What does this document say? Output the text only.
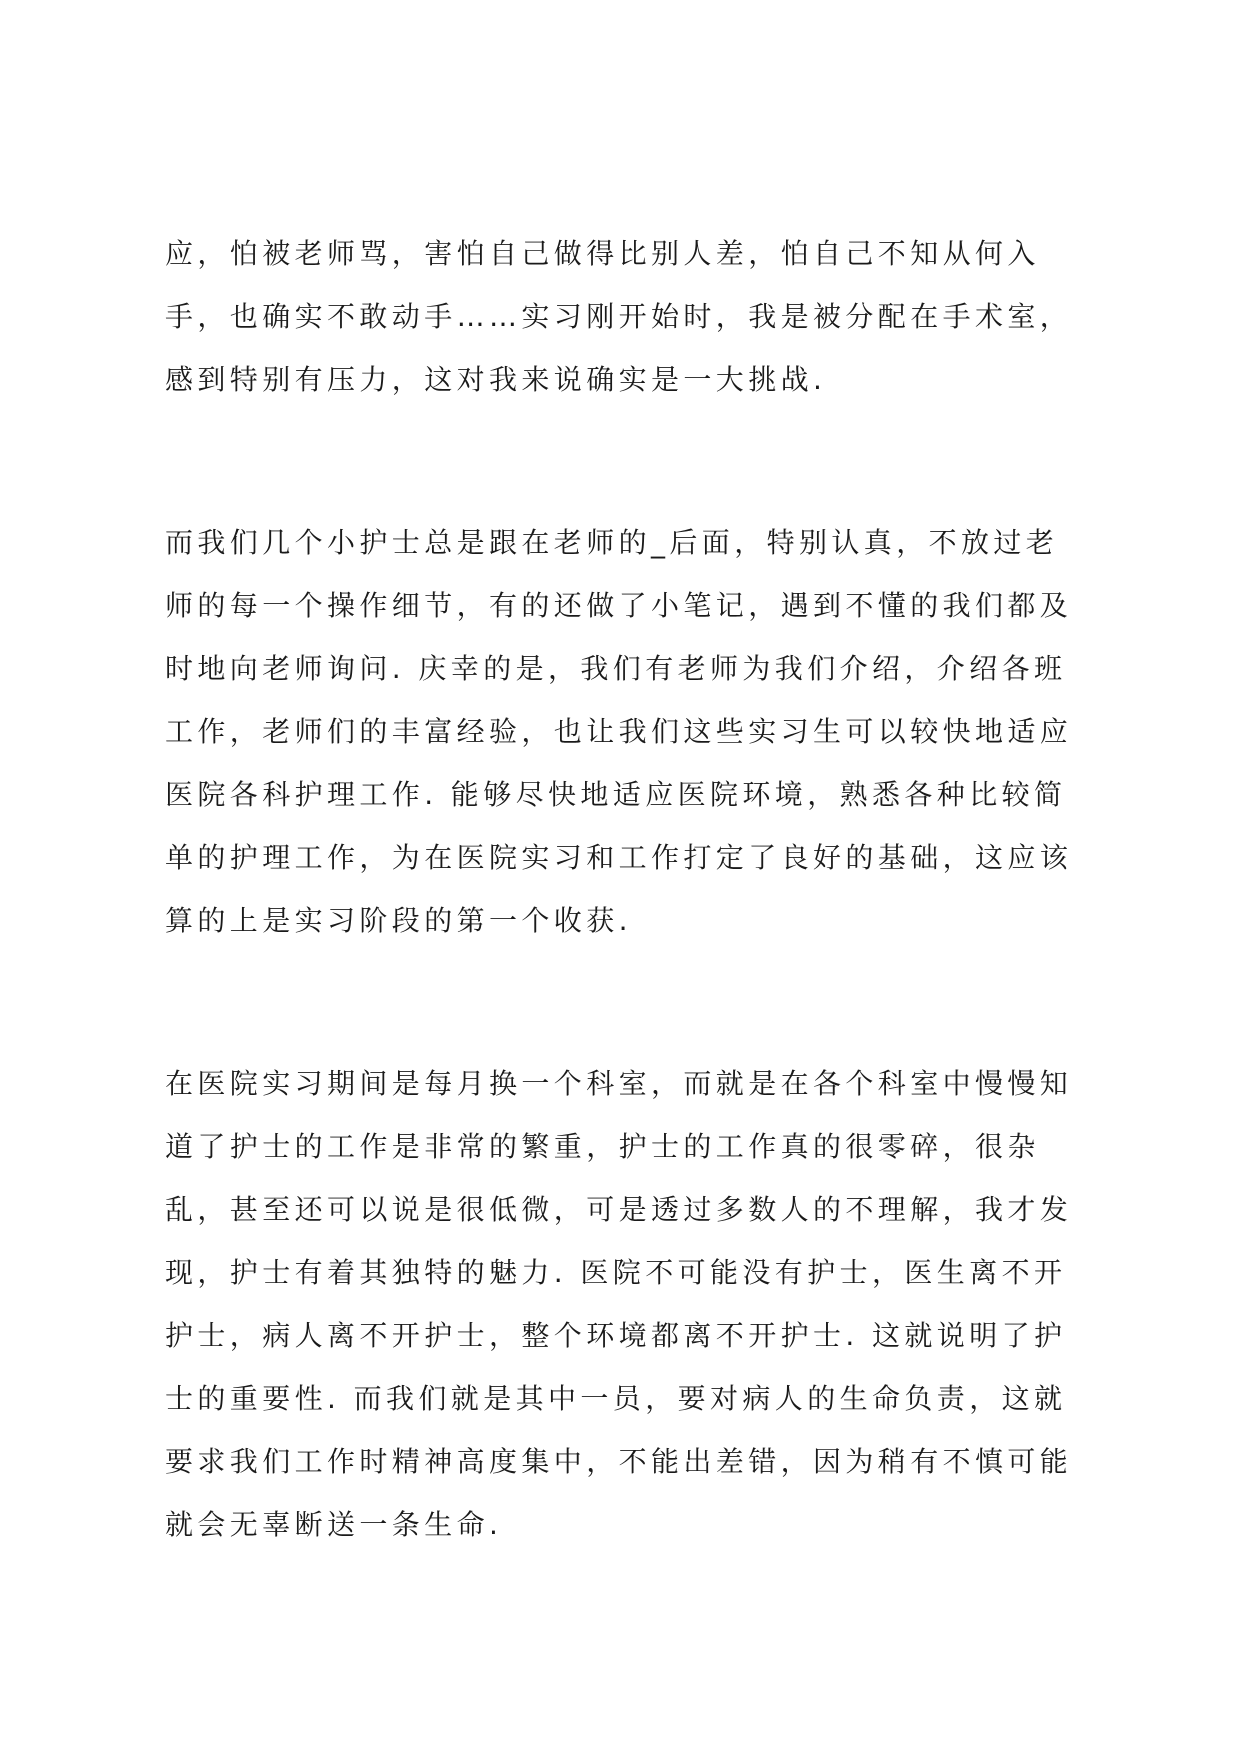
应，怕被老师骂，害怕自己做得比别人差，怕自己不知从何入
手，也确实不敢动手……实习刚开始时，我是被分配在手术室，
感到特别有压力，这对我来说确实是一大挑战.
而我们几个小护士总是跟在老师的_后面，特别认真，不放过老
师的每一个操作细节，有的还做了小笔记，遇到不懂的我们都及
时地向老师询问. 庆幸的是，我们有老师为我们介绍，介绍各班
工作，老师们的丰富经验，也让我们这些实习生可以较快地适应
医院各科护理工作. 能够尽快地适应医院环境，熟悉各种比较简
单的护理工作，为在医院实习和工作打定了良好的基础，这应该
算的上是实习阶段的第一个收获.
在医院实习期间是每月换一个科室，而就是在各个科室中慢慢知
道了护士的工作是非常的繁重，护士的工作真的很零碎，很杂
乱，甚至还可以说是很低微，可是透过多数人的不理解，我才发
现，护士有着其独特的魅力. 医院不可能没有护士，医生离不开
护士，病人离不开护士，整个环境都离不开护士. 这就说明了护
士的重要性. 而我们就是其中一员，要对病人的生命负责，这就
要求我们工作时精神高度集中，不能出差错，因为稍有不慎可能
就会无辜断送一条生命.
